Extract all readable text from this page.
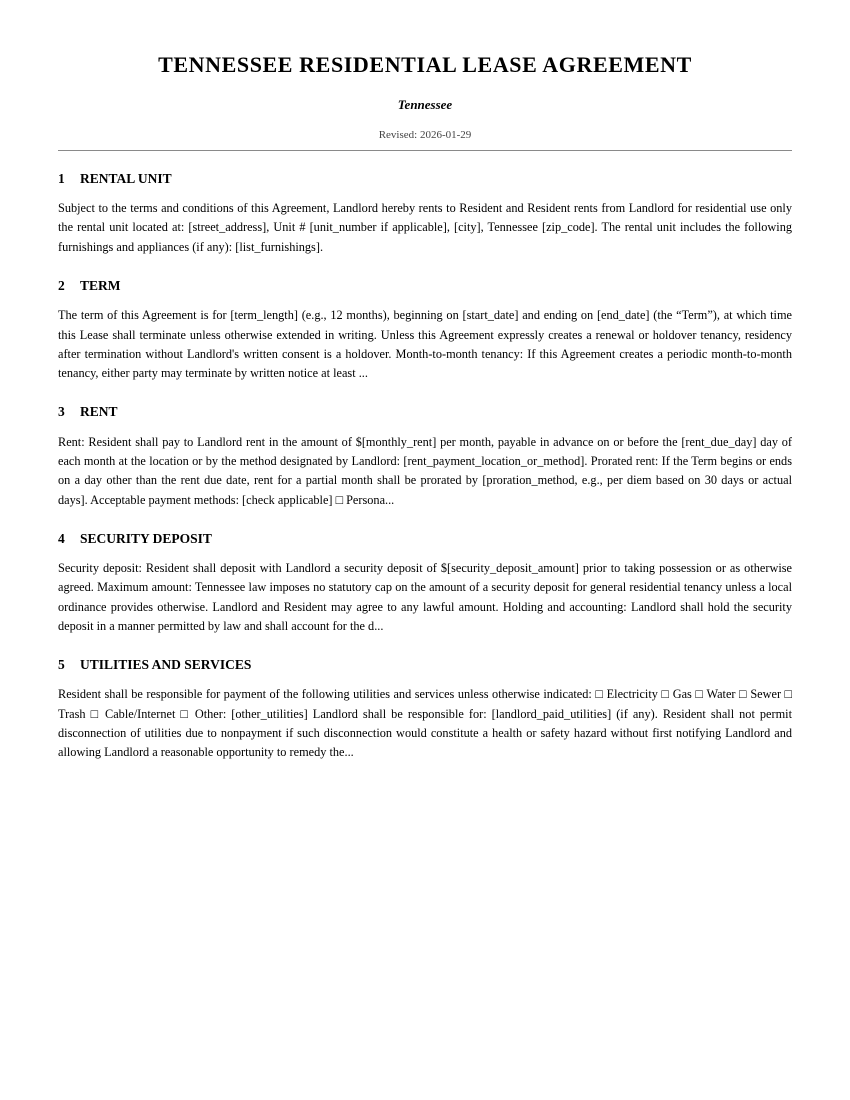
TENNESSEE RESIDENTIAL LEASE AGREEMENT
Tennessee
Revised: 2026-01-29
1 RENTAL UNIT

Subject to the terms and conditions of this Agreement, Landlord hereby rents to Resident and Resident rents from Landlord for residential use only the rental unit located at: [street_address], Unit # [unit_number if applicable], [city], Tennessee [zip_code]. The rental unit includes the following furnishings and appliances (if any): [list_furnishings].

2 TERM

The term of this Agreement is for [term_length] (e.g., 12 months), beginning on [start_date] and ending on [end_date] (the “Term”), at which time this Lease shall terminate unless otherwise extended in writing. Unless this Agreement expressly creates a renewal or holdover tenancy, residency after termination without Landlord's written consent is a holdover. Month-to-month tenancy: If this Agreement creates a periodic month-to-month tenancy, either party may terminate by written notice at least ...

3 RENT

Rent: Resident shall pay to Landlord rent in the amount of $[monthly_rent] per month, payable in advance on or before the [rent_due_day] day of each month at the location or by the method designated by Landlord: [rent_payment_location_or_method]. Prorated rent: If the Term begins or ends on a day other than the rent due date, rent for a partial month shall be prorated by [proration_method, e.g., per diem based on 30 days or actual days]. Acceptable payment methods: [check applicable] □ Persona...

4 SECURITY DEPOSIT

Security deposit: Resident shall deposit with Landlord a security deposit of $[security_deposit_amount] prior to taking possession or as otherwise agreed. Maximum amount: Tennessee law imposes no statutory cap on the amount of a security deposit for general residential tenancy unless a local ordinance provides otherwise. Landlord and Resident may agree to any lawful amount. Holding and accounting: Landlord shall hold the security deposit in a manner permitted by law and shall account for the d...

5 UTILITIES AND SERVICES

Resident shall be responsible for payment of the following utilities and services unless otherwise indicated: □ Electricity □ Gas □ Water □ Sewer □ Trash □ Cable/Internet □ Other: [other_utilities] Landlord shall be responsible for: [landlord_paid_utilities] (if any). Resident shall not permit disconnection of utilities due to nonpayment if such disconnection would constitute a health or safety hazard without first notifying Landlord and allowing Landlord a reasonable opportunity to remedy the...
